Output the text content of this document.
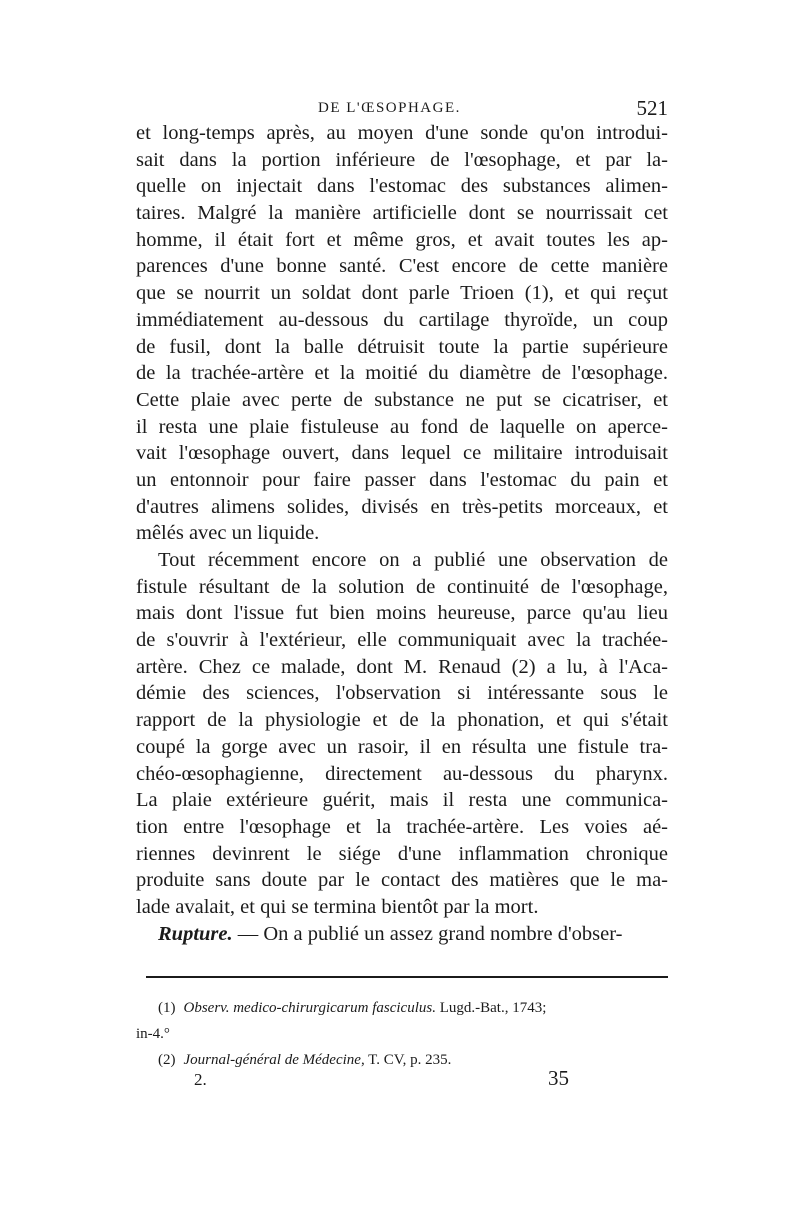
DE L'ŒSOPHAGE.	521
et long-temps après, au moyen d'une sonde qu'on introdui-
sait dans la portion inférieure de l'œsophage, et par la-
quelle on injectait dans l'estomac des substances alimen-
taires. Malgré la manière artificielle dont se nourrissait cet
homme, il était fort et même gros, et avait toutes les ap-
parences d'une bonne santé. C'est encore de cette manière
que se nourrit un soldat dont parle Trioen (1), et qui reçut
immédiatement au-dessous du cartilage thyroïde, un coup
de fusil, dont la balle détruisit toute la partie supérieure
de la trachée-artère et la moitié du diamètre de l'œsophage.
Cette plaie avec perte de substance ne put se cicatriser, et
il resta une plaie fistuleuse au fond de laquelle on aperce-
vait l'œsophage ouvert, dans lequel ce militaire introduisait
un entonnoir pour faire passer dans l'estomac du pain et
d'autres alimens solides, divisés en très-petits morceaux, et
mêlés avec un liquide.
Tout récemment encore on a publié une observation de
fistule résultant de la solution de continuité de l'œsophage,
mais dont l'issue fut bien moins heureuse, parce qu'au lieu
de s'ouvrir à l'extérieur, elle communiquait avec la trachée-
artère. Chez ce malade, dont M. Renaud (2) a lu, à l'Aca-
démie des sciences, l'observation si intéressante sous le
rapport de la physiologie et de la phonation, et qui s'était
coupé la gorge avec un rasoir, il en résulta une fistule tra-
chéo-œsophagienne, directement au-dessous du pharynx.
La plaie extérieure guérit, mais il resta une communica-
tion entre l'œsophage et la trachée-artère. Les voies aé-
riennes devinrent le siége d'une inflammation chronique
produite sans doute par le contact des matières que le ma-
lade avalait, et qui se termina bientôt par la mort.
Rupture. — On a publié un assez grand nombre d'obser-
(1) Observ. medico-chirurgicarum fasciculus. Lugd.-Bat., 1743;
in-4.°
(2) Journal-général de Médecine, T. CV, p. 235.
2.	35
